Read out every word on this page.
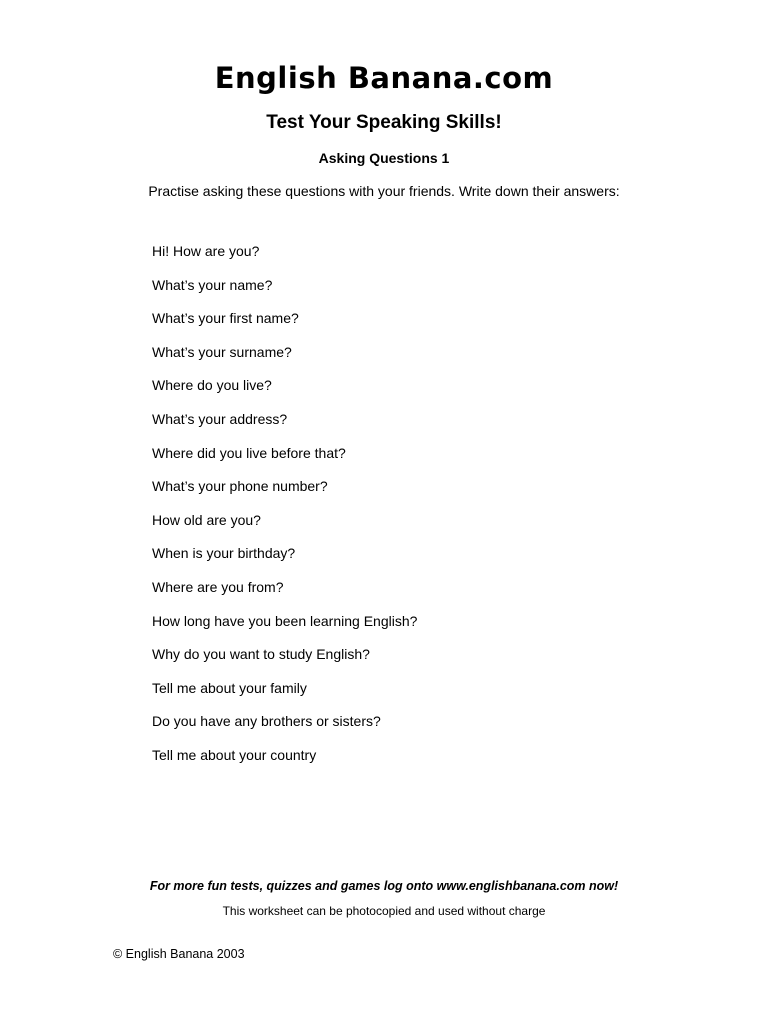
English Banana.com
Test Your Speaking Skills!
Asking Questions 1
Practise asking these questions with your friends. Write down their answers:
Hi! How are you?
What’s your name?
What’s your first name?
What’s your surname?
Where do you live?
What’s your address?
Where did you live before that?
What’s your phone number?
How old are you?
When is your birthday?
Where are you from?
How long have you been learning English?
Why do you want to study English?
Tell me about your family
Do you have any brothers or sisters?
Tell me about your country
For more fun tests, quizzes and games log onto www.englishbanana.com now!
This worksheet can be photocopied and used without charge
© English Banana 2003
